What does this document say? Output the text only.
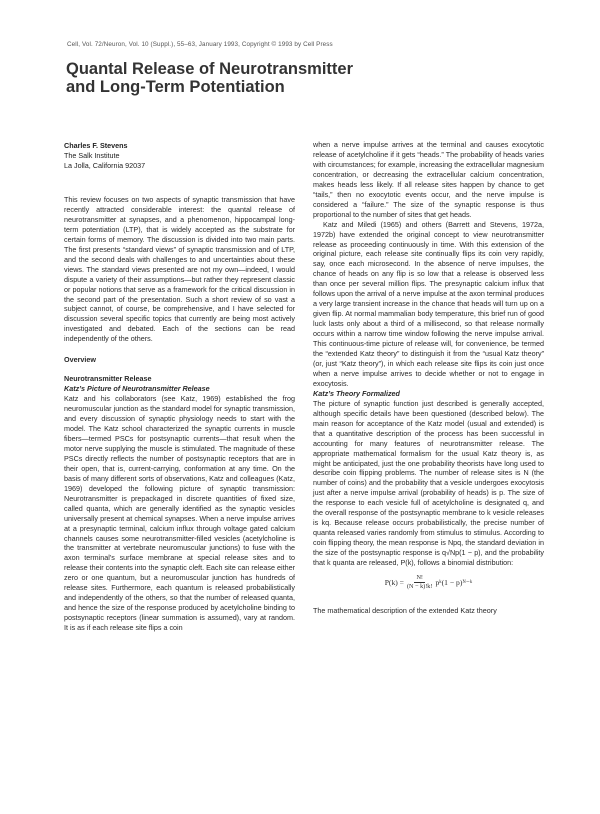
Cell, Vol. 72/Neuron, Vol. 10 (Suppl.), 55–63, January 1993, Copyright © 1993 by Cell Press
Quantal Release of Neurotransmitter
and Long-Term Potentiation
Charles F. Stevens
The Salk Institute
La Jolla, California 92037

This review focuses on two aspects of synaptic transmission that have recently attracted considerable interest: the quantal release of neurotransmitter at synapses, and a phenomenon, hippocampal long-term potentiation (LTP), that is widely accepted as the substrate for certain forms of memory. The discussion is divided into two main parts. The first presents “standard views” of synaptic transmission and of LTP, and the second deals with challenges to and uncertainties about these views. The standard views presented are not my own—indeed, I would dispute a variety of their assumptions—but rather they represent classic or popular notions that serve as a framework for the critical discussion in the second part of the presentation. Such a short review of so vast a subject cannot, of course, be comprehensive, and I have selected for discussion several specific topics that currently are being most actively investigated and debated. Each of the sections can be read independently of the others.

Overview
Neurotransmitter Release
Katz’s Picture of Neurotransmitter Release

Katz and his collaborators (see Katz, 1969) established the frog neuromuscular junction as the standard model for synaptic transmission, and every discussion of synaptic physiology needs to start with the model. The Katz school characterized the synaptic currents in muscle fibers—termed PSCs for postsynaptic currents—that result when the motor nerve supplying the muscle is stimulated. The magnitude of these PSCs directly reflects the number of postsynaptic receptors that are in their open, that is, current-carrying, conformation at any time. On the basis of many different sorts of observations, Katz and colleagues (Katz, 1969) developed the following picture of synaptic transmission: Neurotransmitter is prepackaged in discrete quantities of fixed size, called quanta, which are generally identified as the synaptic vesicles universally present at chemical synapses. When a nerve impulse arrives at a presynaptic terminal, calcium influx through voltage gated calcium channels causes some neurotransmitter-filled vesicles (acetylcholine is the transmitter at vertebrate neuromuscular junctions) to fuse with the axon terminal’s surface membrane at special release sites and to release their contents into the synaptic cleft. Each site can release either zero or one quantum, but a neuromuscular junction has hundreds of release sites. Furthermore, each quantum is released probabilistically and independently of the others, so that the number of released quanta, and hence the size of the response produced by acetylcholine binding to postsynaptic receptors (linear summation is assumed), vary at random. It is as if each release site flips a coin

when a nerve impulse arrives at the terminal and causes exocytotic release of acetylcholine if it gets “heads.” The probability of heads varies with circumstances; for example, increasing the extracellular magnesium concentration, or decreasing the extracellular calcium concentration, makes heads less likely. If all release sites happen by chance to get “tails,” then no exocytotic events occur, and the nerve impulse is considered a “failure.” The size of the synaptic response is thus proportional to the number of sites that get heads.

Katz and Miledi (1965) and others (Barrett and Stevens, 1972a, 1972b) have extended the original concept to view neurotransmitter release as proceeding continuously in time. With this extension of the original picture, each release site continually flips its coin very rapidly, say, once each microsecond. In the absence of nerve impulses, the chance of heads on any flip is so low that a release is observed less than once per several million flips. The presynaptic calcium influx that follows upon the arrival of a nerve impulse at the axon terminal produces a very large transient increase in the chance that heads will turn up on a given flip. At normal mammalian body temperature, this brief run of good luck lasts only about a third of a millisecond, so that release normally occurs within a narrow time window following the nerve impulse arrival. This continuous-time picture of release will, for convenience, be termed the “extended Katz theory” to distinguish it from the “usual Katz theory” (or, just “Katz theory”), in which each release site flips its coin just once when a nerve impulse arrives to decide whether or not to engage in exocytosis.

Katz’s Theory Formalized

The picture of synaptic function just described is generally accepted, although specific details have been questioned (described below). The main reason for acceptance of the Katz model (usual and extended) is that a quantitative description of the process has been successful in accounting for many features of neurotransmitter release. The appropriate mathematical formalism for the usual Katz theory is, as might be anticipated, just the one probability theorists have long used to describe coin flipping problems. The number of release sites is N (the number of coins) and the probability that a vesicle undergoes exocytosis just after a nerve impulse arrival (probability of heads) is p. The size of the response to each vesicle full of acetylcholine is designated q, and the overall response of the postsynaptic membrane to k vesicle releases is kq. Because release occurs probabilistically, the precise number of quanta released varies randomly from stimulus to stimulus. According to coin flipping theory, the mean response is Npq, the standard deviation in the size of the postsynaptic response is q√Np(1 − p), and the probability that k quanta are released, P(k), follows a binomial distribution:

$P(k) = \frac{N!}{(N - k)!k!}$ pᵏ(1 − p)ᴺ⁻ᵏ

The mathematical description of the extended Katz theory
